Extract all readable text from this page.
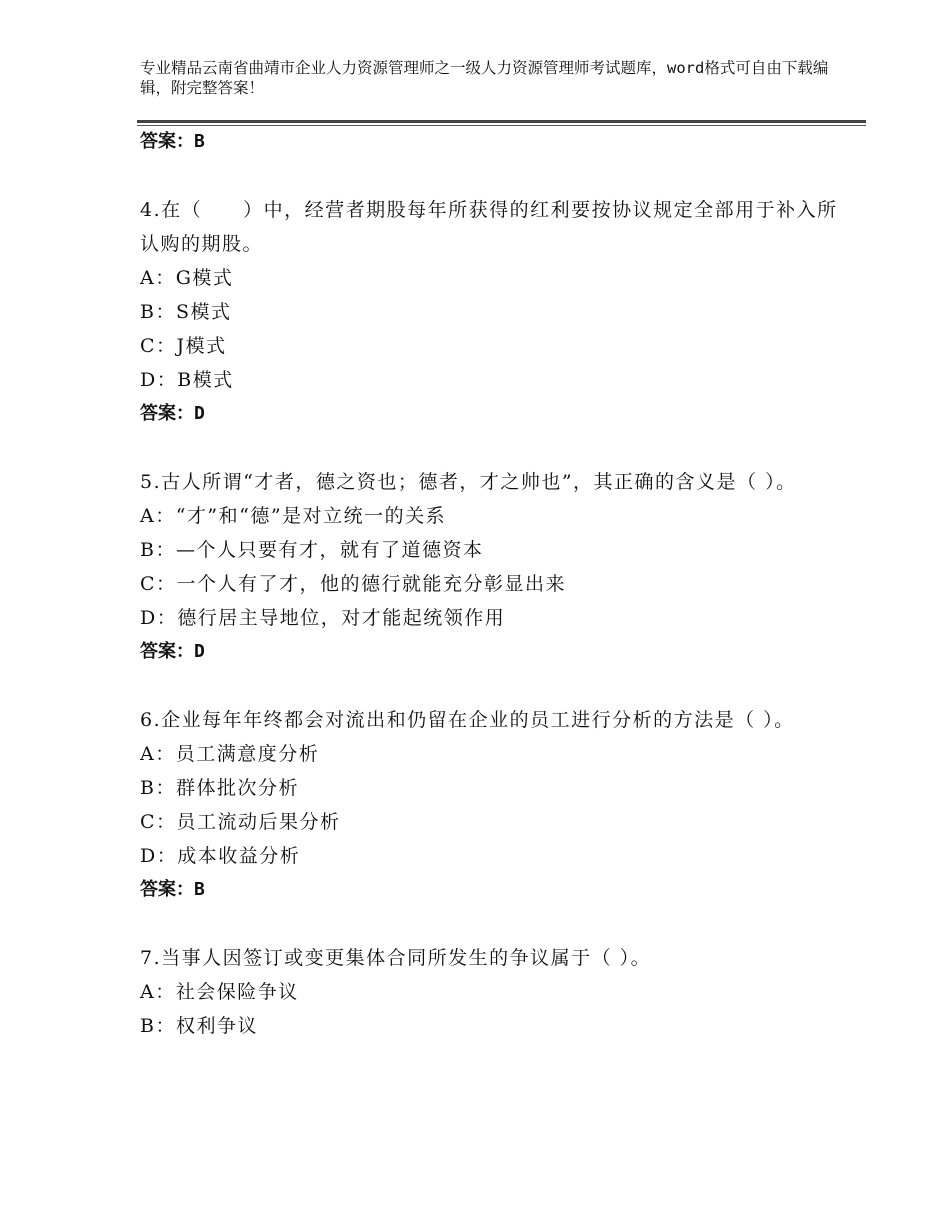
专业精品云南省曲靖市企业人力资源管理师之一级人力资源管理师考试题库，word格式可自由下载编辑，附完整答案！

答案：B

4.在（　　）中，经营者期股每年所获得的红利要按协议规定全部用于补入所认购的期股。

A：G模式

B：S模式

C：J模式

D：B模式

答案：D

5.古人所谓“才者，德之资也；德者，才之帅也”，其正确的含义是（ ）。

A：“才”和“德”是对立统一的关系

B：—个人只要有才，就有了道德资本

C：一个人有了才，他的德行就能充分彰显出来

D：德行居主导地位，对才能起统领作用

答案：D

6.企业每年年终都会对流出和仍留在企业的员工进行分析的方法是（ ）。

A：员工满意度分析

B：群体批次分析

C：员工流动后果分析

D：成本收益分析

答案：B

7.当事人因签订或变更集体合同所发生的争议属于（ ）。

A：社会保险争议

B：权利争议
